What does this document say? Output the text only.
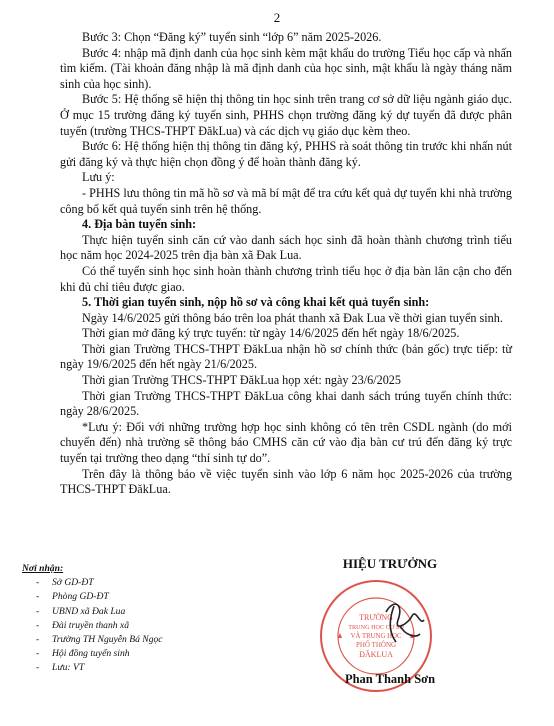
2

Bước 3: Chọn “Đăng ký” tuyển sinh “lớp 6” năm 2025-2026.

Bước 4: nhập mã định danh của học sinh kèm mật khẩu do trường Tiểu học cấp và nhấn tìm kiếm. (Tài khoản đăng nhập là mã định danh của học sinh, mật khẩu là ngày tháng năm sinh của học sinh).

Bước 5: Hệ thống sẽ hiện thị thông tin học sinh trên trang cơ sở dữ liệu ngành giáo dục. Ở mục 15 trường đăng ký tuyển sinh, PHHS chọn trường đăng ký dự tuyển đã được phân tuyến (trường THCS-THPT ĐăkLua) và các dịch vụ giáo dục kèm theo.

Bước 6: Hệ thống hiện thị thông tin đăng ký, PHHS rà soát thông tin trước khi nhấn nút gửi đăng ký và thực hiện chọn đồng ý để hoàn thành đăng ký.

Lưu ý:

- PHHS lưu thông tin mã hồ sơ và mã bí mật để tra cứu kết quả dự tuyển khi nhà trường công bố kết quả tuyển sinh trên hệ thống.

4. Địa bàn tuyển sinh:

Thực hiện tuyển sinh căn cứ vào danh sách học sinh đã hoàn thành chương trình tiểu học năm học 2024-2025 trên địa bàn xã Đak Lua.

Có thể tuyển sinh học sinh hoàn thành chương trình tiểu học ở địa bàn lân cận cho đến khi đủ chỉ tiêu được giao.

5. Thời gian tuyển sinh, nộp hồ sơ và công khai kết quả tuyển sinh:

Ngày 14/6/2025 gửi thông báo trên loa phát thanh xã Đak Lua về thời gian tuyển sinh.

Thời gian mở đăng ký trực tuyến: từ ngày 14/6/2025 đến hết ngày 18/6/2025.

Thời gian Trường THCS-THPT ĐăkLua nhận hồ sơ chính thức (bản gốc) trực tiếp: từ ngày 19/6/2025 đến hết ngày 21/6/2025.

Thời gian Trường THCS-THPT ĐăkLua họp xét: ngày 23/6/2025

Thời gian Trường THCS-THPT ĐăkLua công khai danh sách trúng tuyển chính thức: ngày 28/6/2025.

*Lưu ý: Đối với những trường hợp học sinh không có tên trên CSDL ngành (do mới chuyển đến) nhà trường sẽ thông báo CMHS căn cứ vào địa bàn cư trú đến đăng ký trực tuyến tại trường theo dạng “thí sinh tự do”.

Trên đây là thông báo về việc tuyển sinh vào lớp 6 năm học 2025-2026 của trường THCS-THPT ĐăkLua.

Nơi nhận:
- Sở GD-ĐT
- Phòng GD-ĐT
- UBND xã Đak Lua
- Đài truyền thanh xã
- Trường TH Nguyễn Bá Ngọc
- Hội đồng tuyển sinh
- Lưu: VT
HIỆU TRƯỞNG
TRƯỜNG
TRUNG HỌC CƠ SỞ
VÀ TRUNG HỌC
PHỔ THÔNG
ĐĂKLUA
Phan Thanh Sơn
